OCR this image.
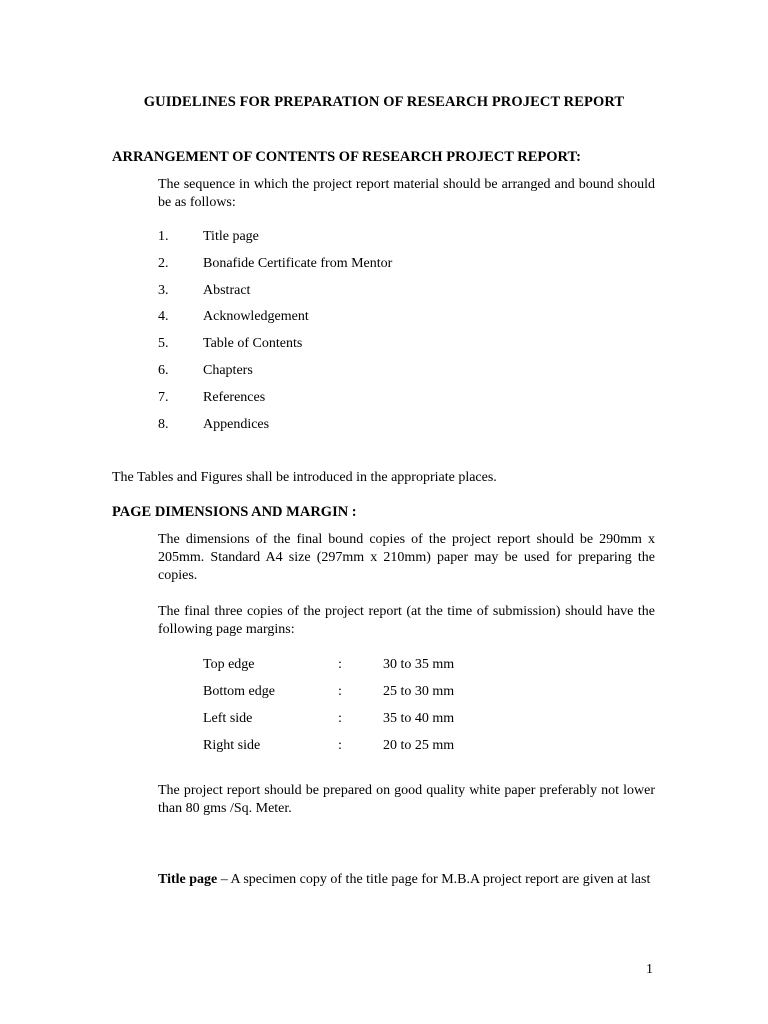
GUIDELINES FOR PREPARATION OF RESEARCH PROJECT REPORT
ARRANGEMENT OF CONTENTS OF RESEARCH PROJECT REPORT:
The sequence in which the project report material should be arranged and bound should be as follows:
1. Title page
2. Bonafide Certificate from Mentor
3. Abstract
4. Acknowledgement
5. Table of Contents
6. Chapters
7. References
8. Appendices
The Tables and Figures shall be introduced in the appropriate places.
PAGE DIMENSIONS AND MARGIN :
The dimensions of the final bound copies of the project report should be 290mm x 205mm. Standard A4 size (297mm x 210mm) paper may be used for preparing the copies.
The final three copies of the project report (at the time of submission) should have the following page margins:
Top edge	:	30 to 35 mm
Bottom edge	:	25 to 30 mm
Left side	:	35 to 40 mm
Right side	:	20 to 25 mm
The project report should be prepared on good quality white paper preferably not lower than 80 gms /Sq. Meter.
Title page – A specimen copy of the title page for M.B.A project report are given at last
1
